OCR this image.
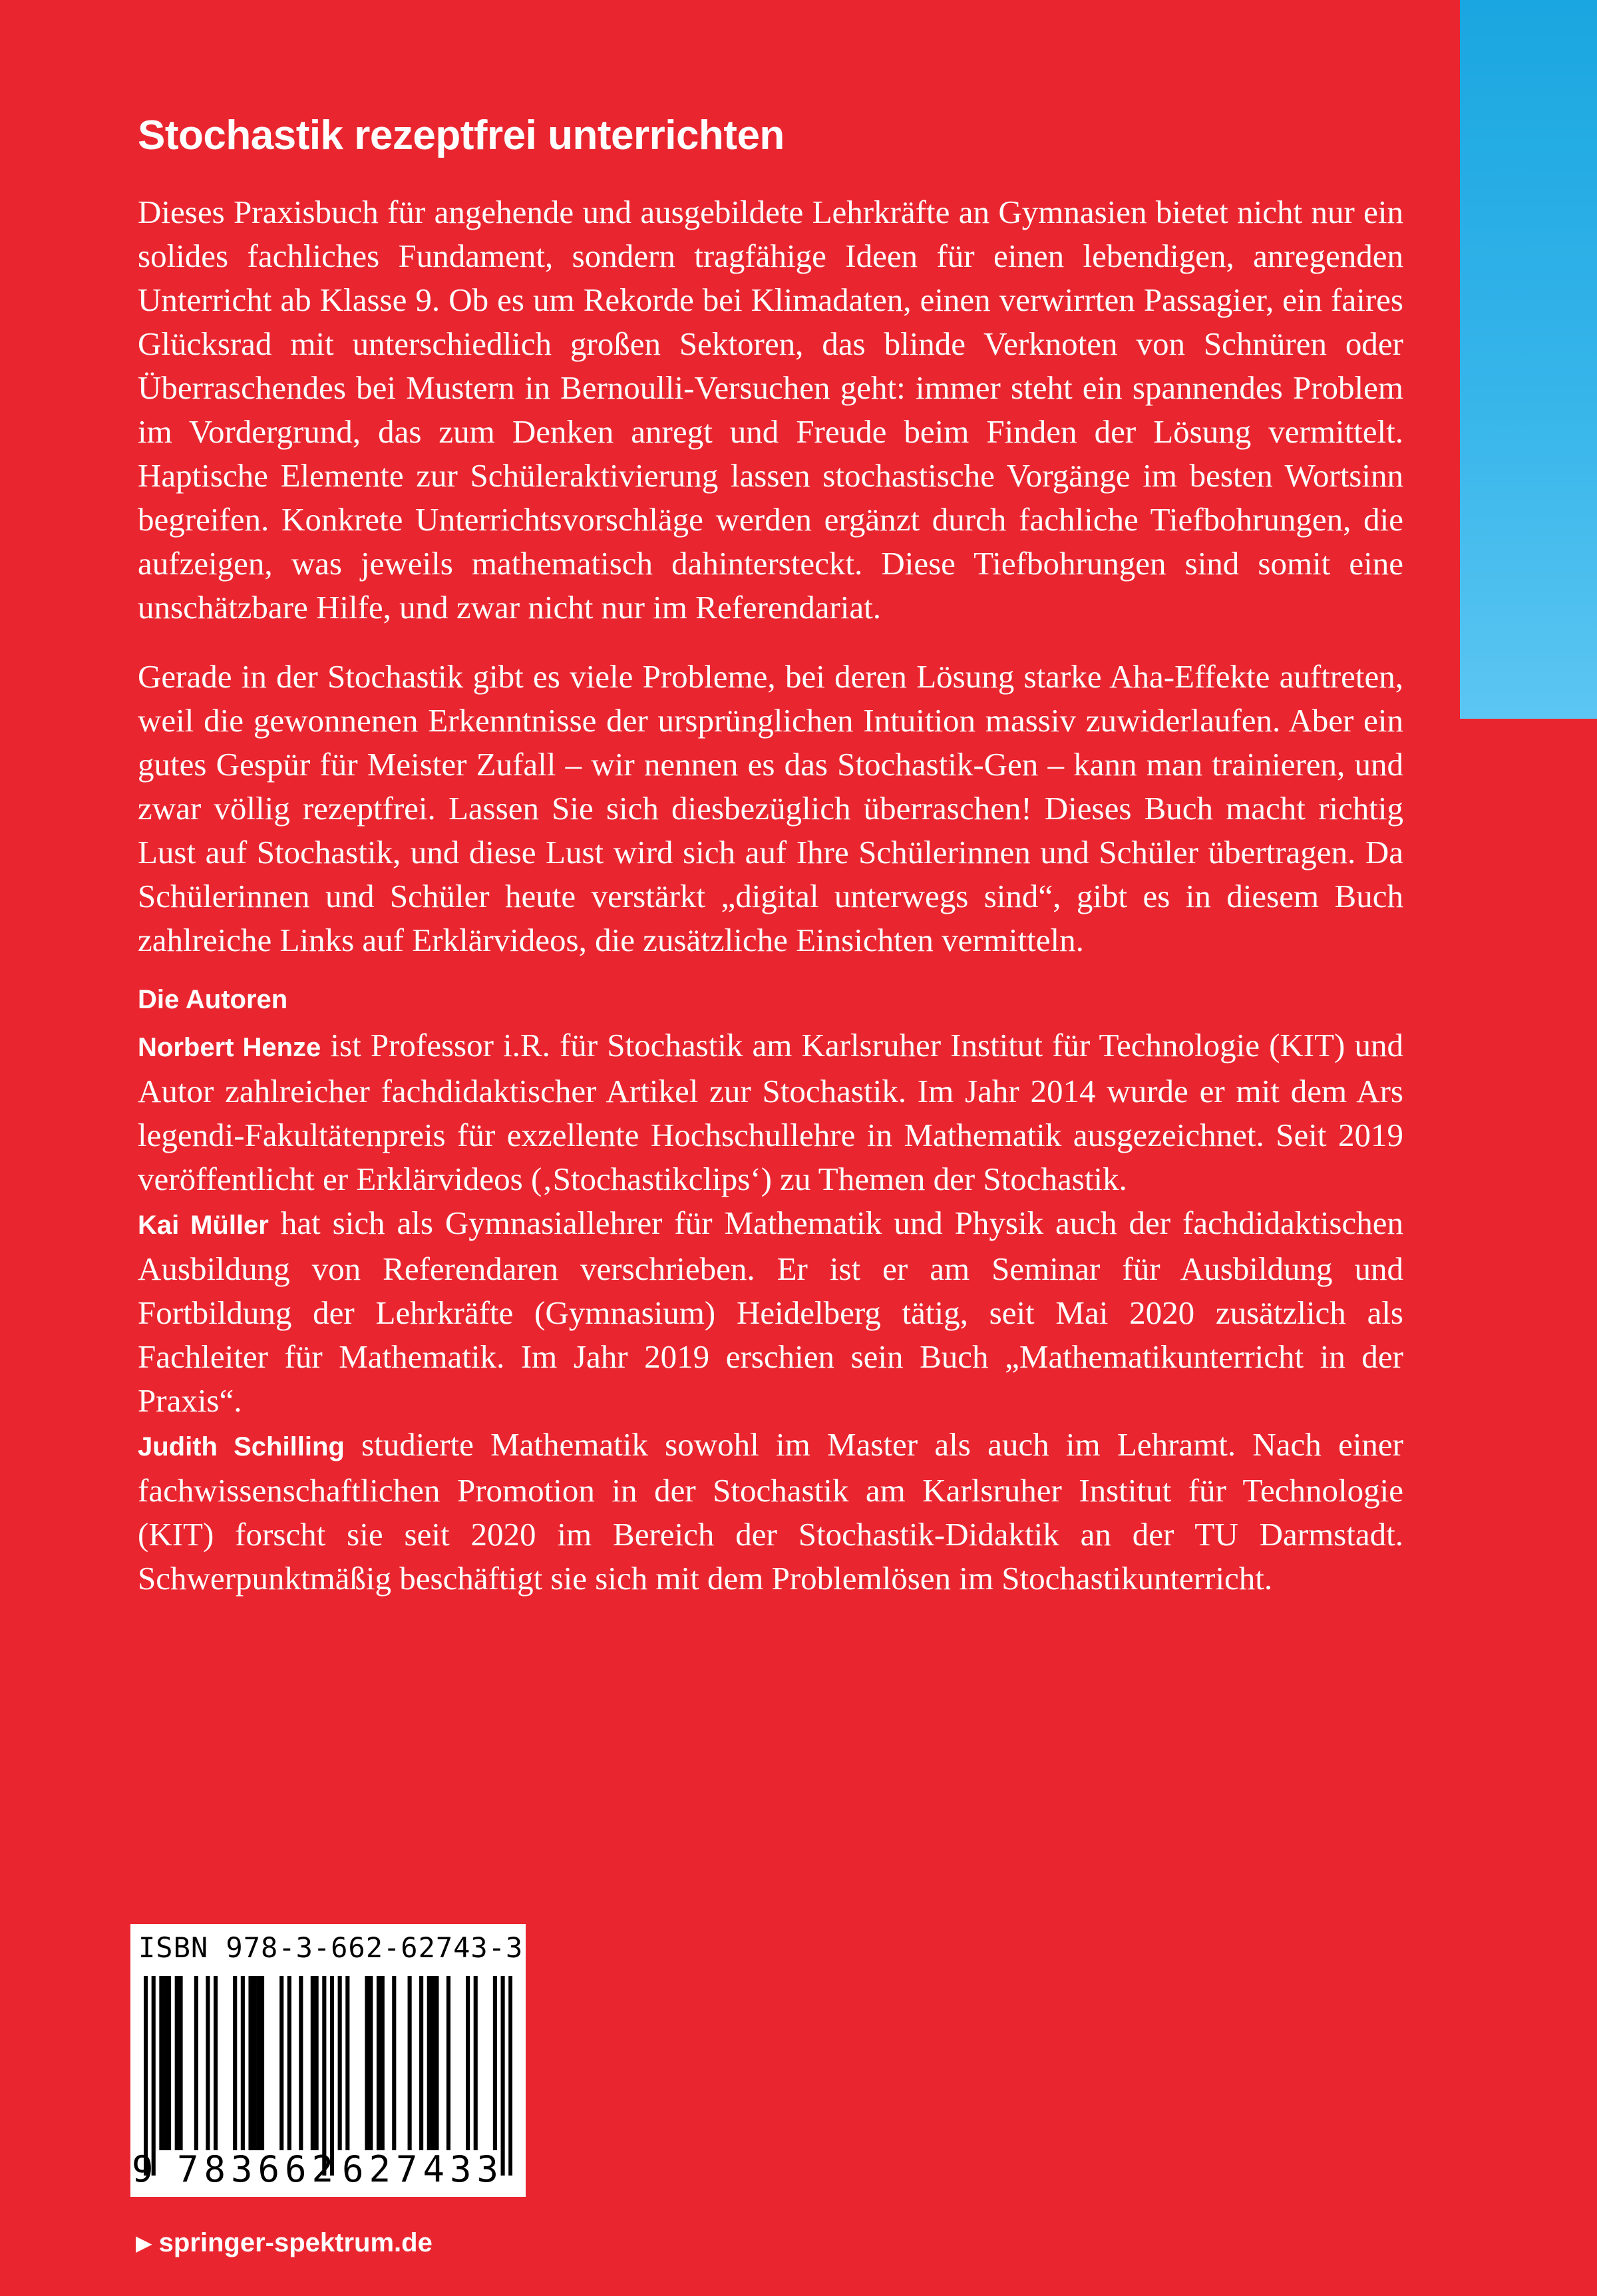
Stochastik rezeptfrei unterrichten

Dieses Praxisbuch für angehende und ausgebildete Lehrkräfte an Gymnasien bietet nicht nur ein solides fachliches Fundament, sondern tragfähige Ideen für einen lebendigen, anregenden Unterricht ab Klasse 9. Ob es um Rekorde bei Klimadaten, einen verwirrten Passagier, ein faires Glücksrad mit unterschiedlich großen Sektoren, das blinde Verknoten von Schnüren oder Überraschendes bei Mustern in Bernoulli-Versuchen geht: immer steht ein spannendes Problem im Vordergrund, das zum Denken anregt und Freude beim Finden der Lösung vermittelt. Haptische Elemente zur Schüleraktivierung lassen stochastische Vorgänge im besten Wortsinn begreifen. Konkrete Unterrichtsvorschläge werden ergänzt durch fachliche Tiefbohrungen, die aufzeigen, was jeweils mathematisch dahintersteckt. Diese Tiefbohrungen sind somit eine unschätzbare Hilfe, und zwar nicht nur im Referendariat.

Gerade in der Stochastik gibt es viele Probleme, bei deren Lösung starke Aha-Effekte auftreten, weil die gewonnenen Erkenntnisse der ursprünglichen Intuition massiv zuwiderlaufen. Aber ein gutes Gespür für Meister Zufall – wir nennen es das Stochastik-Gen – kann man trainieren, und zwar völlig rezeptfrei. Lassen Sie sich diesbezüglich überraschen! Dieses Buch macht richtig Lust auf Stochastik, und diese Lust wird sich auf Ihre Schülerinnen und Schüler übertragen. Da Schülerinnen und Schüler heute verstärkt „digital unterwegs sind“, gibt es in diesem Buch zahlreiche Links auf Erklärvideos, die zusätzliche Einsichten vermitteln.

Die Autoren

Norbert Henze ist Professor i.R. für Stochastik am Karlsruher Institut für Technologie (KIT) und Autor zahlreicher fachdidaktischer Artikel zur Stochastik. Im Jahr 2014 wurde er mit dem Ars legendi-Fakultätenpreis für exzellente Hochschullehre in Mathematik ausgezeichnet. Seit 2019 veröffentlicht er Erklärvideos (‚Stochastikclips‘) zu Themen der Stochastik.

Kai Müller hat sich als Gymnasiallehrer für Mathematik und Physik auch der fachdidaktischen Ausbildung von Referendaren verschrieben. Er ist er am Seminar für Ausbildung und Fortbildung der Lehrkräfte (Gymnasium) Heidelberg tätig, seit Mai 2020 zusätzlich als Fachleiter für Mathematik. Im Jahr 2019 erschien sein Buch „Mathematikunterricht in der Praxis“.

Judith Schilling studierte Mathematik sowohl im Master als auch im Lehramt. Nach einer fachwissenschaftlichen Promotion in der Stochastik am Karlsruher Institut für Technologie (KIT) forscht sie seit 2020 im Bereich der Stochastik-Didaktik an der TU Darmstadt. Schwerpunktmäßig beschäftigt sie sich mit dem Problemlösen im Stochastikunterricht.

ISBN 978-3-662-62743-3
9 783662 627433
▶ springer-spektrum.de
